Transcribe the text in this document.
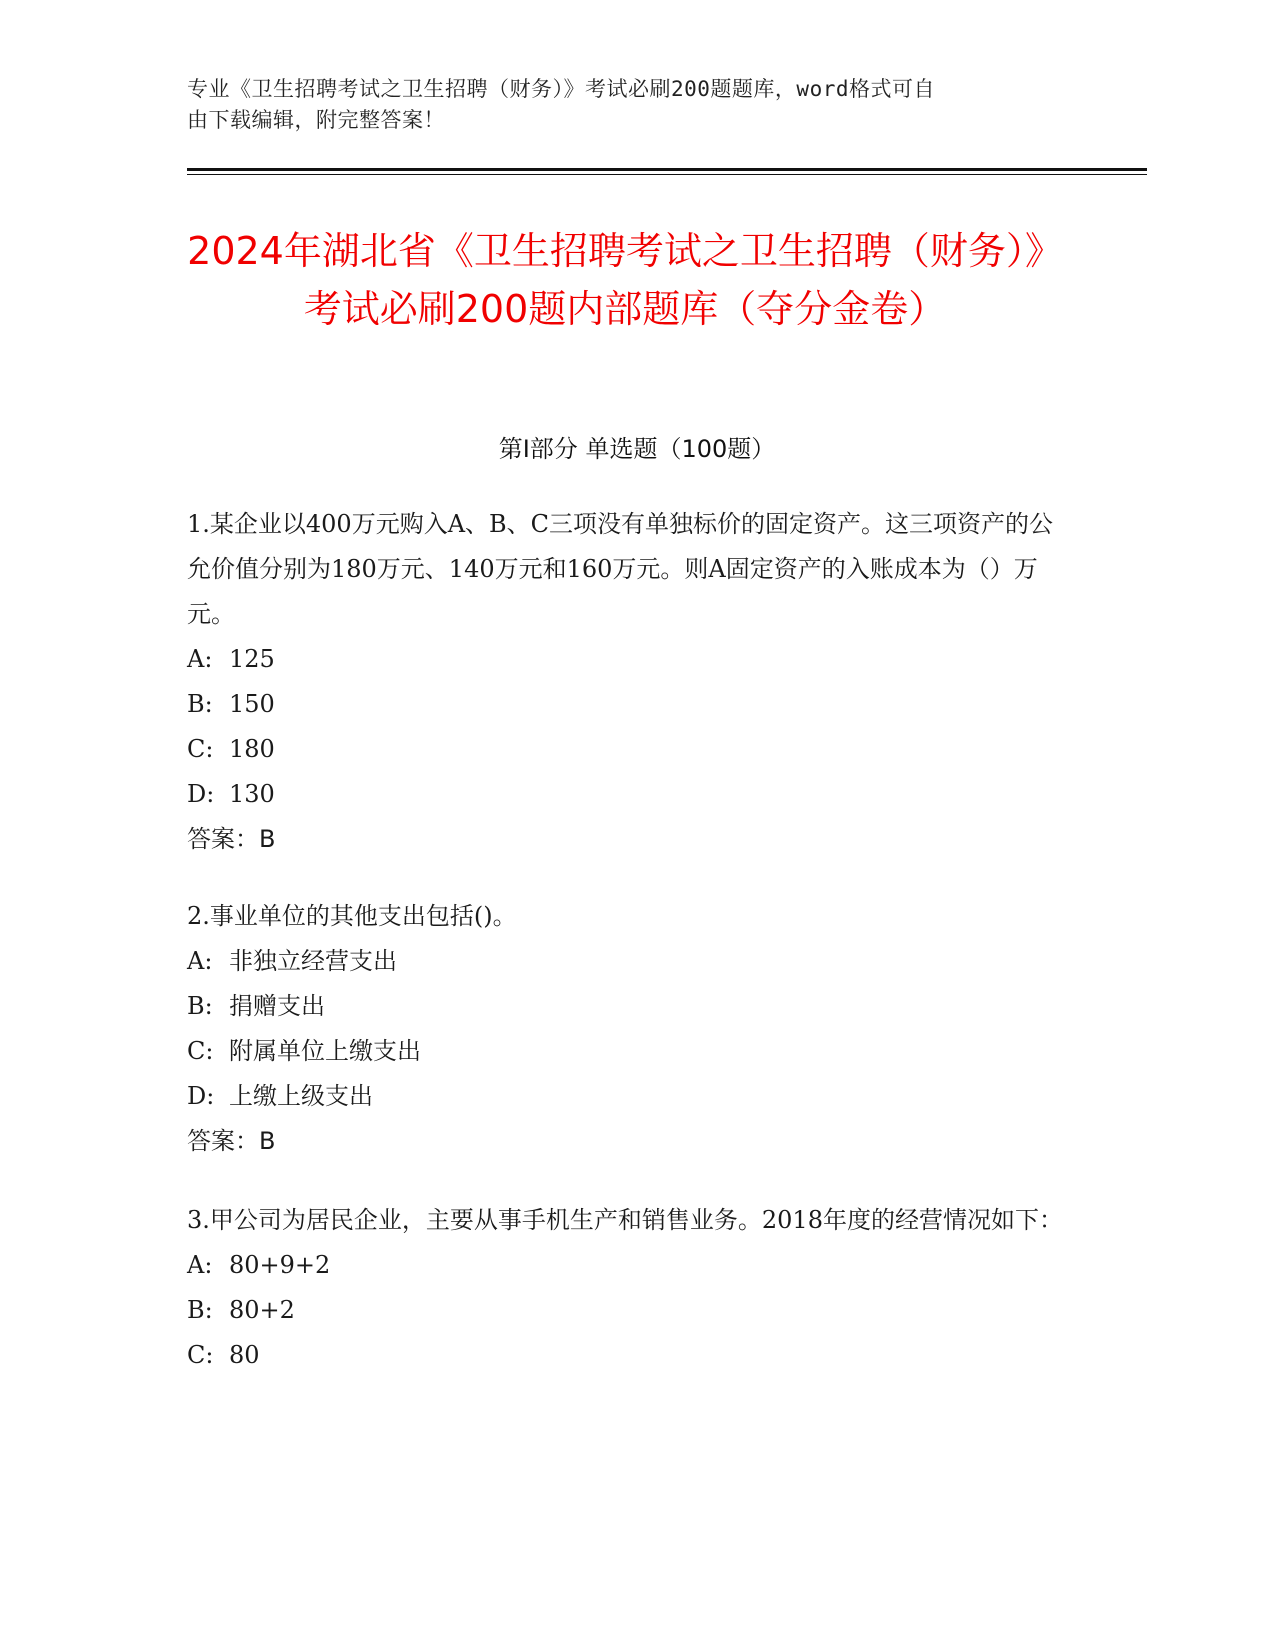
专业《卫生招聘考试之卫生招聘（财务）》考试必刷200题题库，word格式可自
由下载编辑，附完整答案！
2024年湖北省《卫生招聘考试之卫生招聘（财务）》考试必刷200题内部题库（夺分金卷）
第I部分 单选题（100题）

1.某企业以400万元购入A、B、C三项没有单独标价的固定资产。这三项资产的公允价值分别为180万元、140万元和160万元。则A固定资产的入账成本为（）万元。

A: 125

B: 150

C: 180

D: 130

答案：B

2.事业单位的其他支出包括()。

A: 非独立经营支出

B: 捐赠支出

C: 附属单位上缴支出

D: 上缴上级支出

答案：B

3.甲公司为居民企业，主要从事手机生产和销售业务。2018年度的经营情况如下：

A: 80+9+2

B: 80+2

C: 80
